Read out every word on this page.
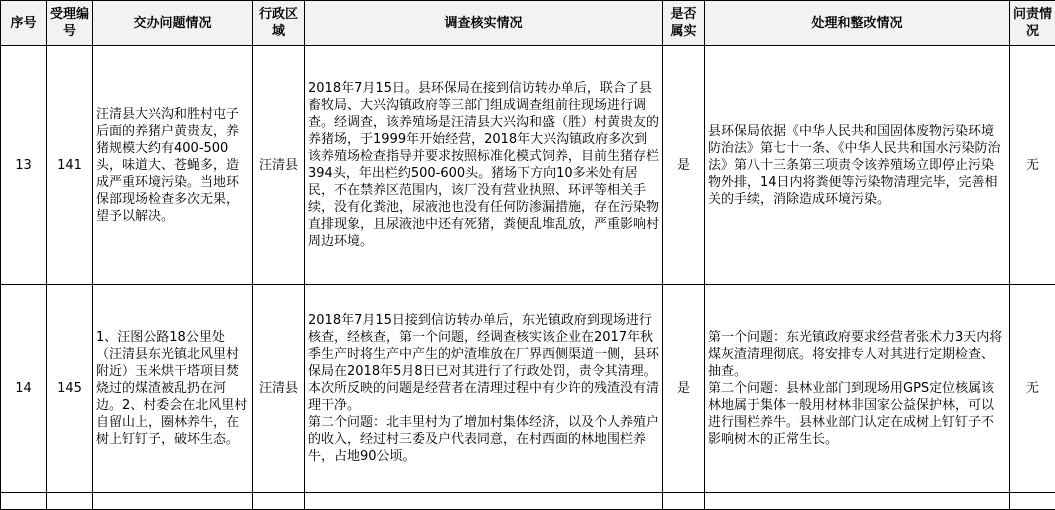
序号	受理编号	交办问题情况	行政区域	调查核实情况	是否属实	处理和整改情况	问责情况
13	141	汪清县大兴沟和胜村屯子后面的养猪户黄贵友，养猪规模大约有400-500头，味道大、苍蝇多，造成严重环境污染。当地环保部现场检查多次无果，望予以解决。	汪清县	2018年7月15日。县环保局在接到信访转办单后，联合了县畜牧局、大兴沟镇政府等三部门组成调查组前往现场进行调查。经调查，该养殖场是汪清县大兴沟和盛（胜）村黄贵友的养猪场，于1999年开始经营，2018年大兴沟镇政府多次到该养殖场检查指导并要求按照标准化模式饲养，目前生猪存栏394头，年出栏约500-600头。猪场下方向10多米处有居民，不在禁养区范围内，该厂没有营业执照、环评等相关手续，没有化粪池，尿液池也没有任何防渗漏措施，存在污染物直排现象，且尿液池中还有死猪，粪便乱堆乱放，严重影响村周边环境。	是	县环保局依据《中华人民共和国固体废物污染环境防治法》第七十一条、《中华人民共和国水污染防治法》第八十三条第三项责令该养殖场立即停止污染物外排，14日内将粪便等污染物清理完毕，完善相关的手续，消除造成环境污染。	无
14	145	1、汪图公路18公里处（汪清县东光镇北风里村附近）玉米烘干塔项目焚烧过的煤渣被乱扔在河边。2、村委会在北风里村自留山上，圈林养牛，在树上钉钉子，破坏生态。	汪清县	2018年7月15日接到信访转办单后，东光镇政府到现场进行核查，经核查，第一个问题，经调查核实该企业在2017年秋季生产时将生产中产生的炉渣堆放在厂界西侧渠道一侧，县环保局在2018年5月8日已对其进行了行政处罚，责令其清理。本次所反映的问题是经营者在清理过程中有少许的残渣没有清理干净。
第二个问题：北丰里村为了增加村集体经济，以及个人养殖户的收入，经过村三委及户代表同意，在村西面的林地围栏养牛，占地90公顷。	是	第一个问题：东光镇政府要求经营者张术力3天内将煤灰渣清理彻底。将安排专人对其进行定期检查、抽查。
第二个问题：县林业部门到现场用GPS定位核属该林地属于集体一般用材林非国家公益保护林，可以进行围栏养牛。县林业部门认定在成树上钉钉子不影响树木的正常生长。	无
